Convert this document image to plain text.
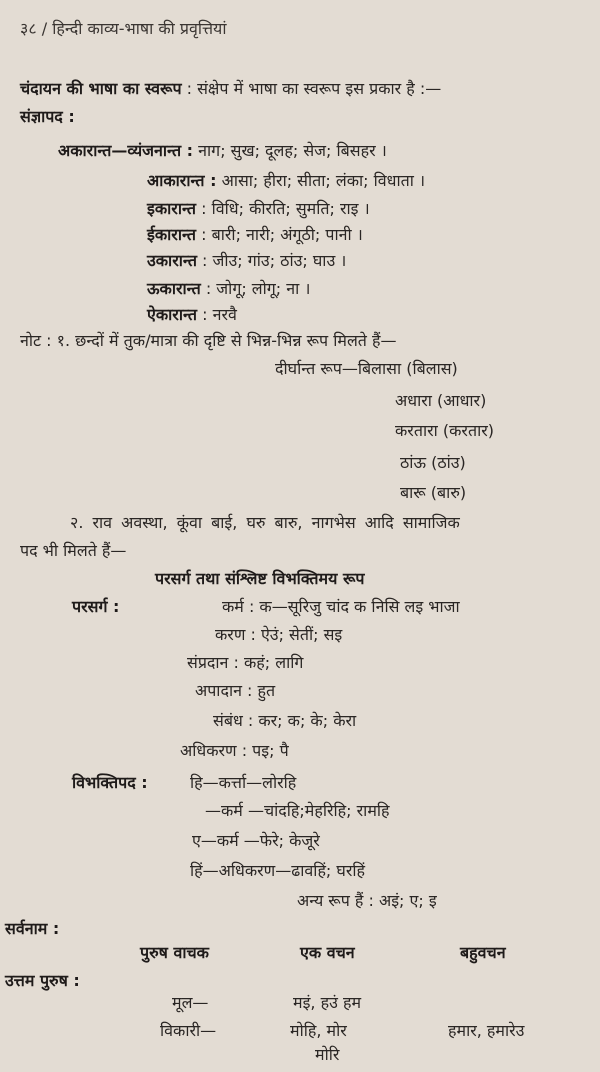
३८ / हिन्दी काव्य-भाषा की प्रवृत्तियां
चंदायन की भाषा का स्वरूप : संक्षेप में भाषा का स्वरूप इस प्रकार है :—
संज्ञापद :
अकारान्त—व्यंजनान्त : नाग; सुख; दूलह; सेज; बिसहर ।
आकारान्त : आसा; हीरा; सीता; लंका; विधाता ।
इकारान्त : विधि; कीरति; सुमति; राइ ।
ईकारान्त : बारी; नारी; अंगूठी; पानी ।
उकारान्त : जीउ; गांउ; ठांउ; घाउ ।
ऊकारान्त : जोगू; लोगू; ना ।
ऐकारान्त : नरवै
नोट : १. छन्दों में तुक/मात्रा की दृष्टि से भिन्न-भिन्न रूप मिलते हैं—
दीर्घान्त रूप—बिलासा (बिलास)
अधारा (आधार)
करतारा (करतार)
ठांऊ (ठांउ)
बारू (बारु)
२. राव अवस्था, कूंवा बाई, घरु बारु, नागभेस आदि सामाजिक
पद भी मिलते हैं—
परसर्ग तथा संश्लिष्ट विभक्तिमय रूप
परसर्ग :	कर्म : क—सूरिजु चांद क निसि लइ भाजा
करण : ऐउं; सेतीं; सइ
संप्रदान : कहं; लागि
अपादान : हुत
संबंध : कर; क; के; केरा
अधिकरण : पइ; पै
विभक्तिपद :	हि—कर्त्ता—लोरहि
—कर्म —चांदहि;मेहरिहि; रामहि
ए—कर्म —फेरे; केजूरे
हिं—अधिकरण—ढावहिं; घरहिं
अन्य रूप हैं : अइं; ए; इ
सर्वनाम :
पुरुष वाचक	एक वचन	बहुवचन
उत्तम पुरुष :
मूल—	मइं, हउं हम
विकारी—	मोहि, मोर	हमार, हमारेउ
मोरि
